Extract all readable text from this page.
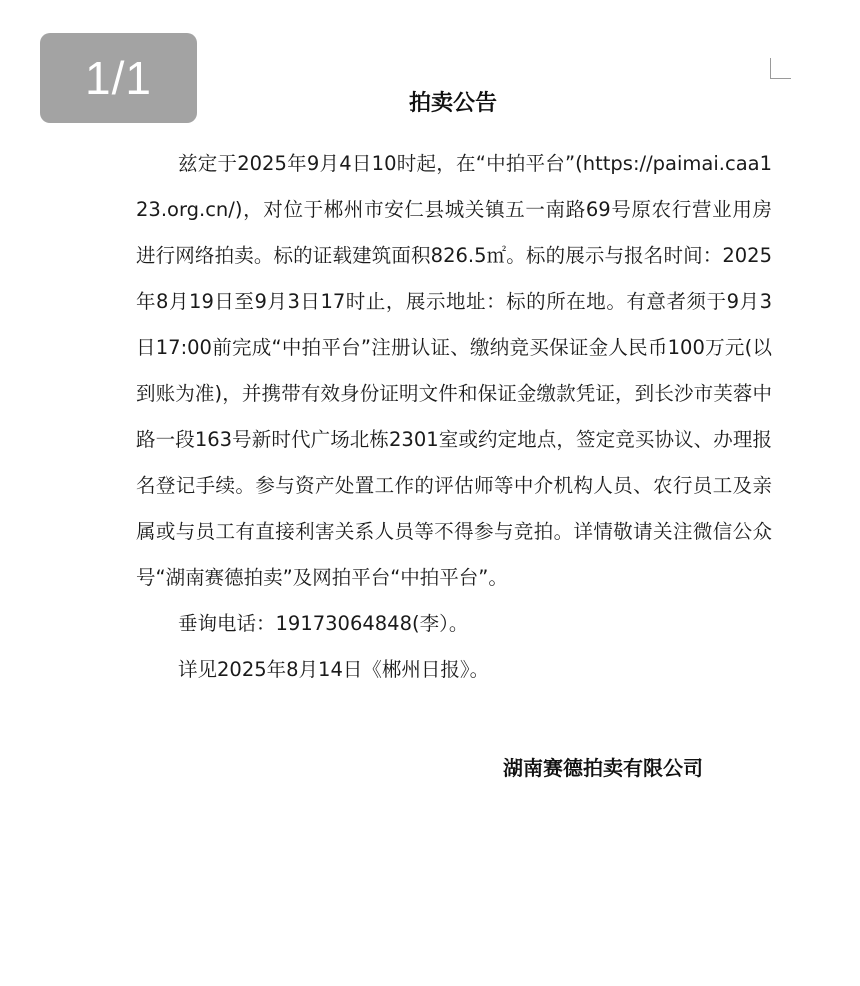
1/1	拍卖公告

兹定于2025年9月4日10时起，在“中拍平台”(https://paimai.caa123.org.cn/)，对位于郴州市安仁县城关镇五一南路69号原农行营业用房进行网络拍卖。标的证载建筑面积826.5㎡。标的展示与报名时间：2025年8月19日至9月3日17时止，展示地址：标的所在地。有意者须于9月3日17:00前完成“中拍平台”注册认证、缴纳竞买保证金人民币100万元(以到账为准)，并携带有效身份证明文件和保证金缴款凭证，到长沙市芙蓉中路一段163号新时代广场北栋2301室或约定地点，签定竞买协议、办理报名登记手续。参与资产处置工作的评估师等中介机构人员、农行员工及亲属或与员工有直接利害关系人员等不得参与竞拍。详情敬请关注微信公众号“湖南赛德拍卖”及网拍平台“中拍平台”。

垂询电话：19173064848(李）。

详见2025年8月14日《郴州日报》。

湖南赛德拍卖有限公司
